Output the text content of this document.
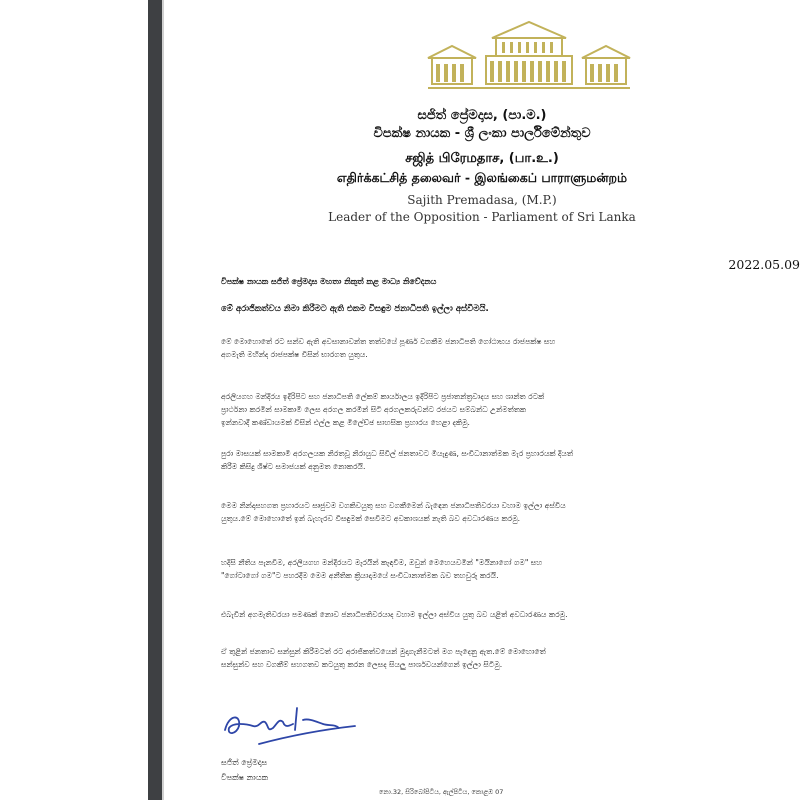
සජිත් ප්‍රේමදාස, (පා.ම.)
විපක්ෂ නායක - ශ්‍රී ලංකා පාර්ලිමේන්තුව
சஜித் பிரேமதாச, (பா.உ.)
எதிர்க்கட்சித் தலைவர் - இலங்கைப் பாராளுமன்றம்
Sajith Premadasa, (M.P.)
Leader of the Opposition - Parliament of Sri Lanka
2022.05.09
විපක්ෂ නායක සජිත් ප්‍රේමදාස මහතා නිකුත් කළ මාධ්‍ය නිවේදනය
මේ අරාජිකත්වය නිමා කිරීමට ඇති එකම විසඳුම ජනාධිපති ඉල්ලා අස්වීමයි.
මේ මොහොතේ රට සන්ව ඇති අවසානාවන්ත තත්වයේ පූර්ණ වගකීම ජනාධිපති ගෝඨාභය රාජපක්ෂ සහ
අගමැති මහින්ද රාජපක්ෂ විසින් භාරගත යුතුය.
අරලියගහ මන්දිරය ඉදිරිපිට සහ ජනාධිපති ලේකම් කාර්යාලය ඉදිරිපිට ප්‍රජාතන්ත්‍රවාදය සහ ශාන්ත රටක්
ප්‍රාර්ථනා කරමින් සාමකාමී ලෙස අරගල කරමින් සිටි අරගලකරුවන්ට රජයට සම්බන්ධ උන්මත්තක
ඉන්නවාදී කණ්ඩායමක් විසින් එල්ල කළ මිලේච්ඡ සාහසික ප්‍රහාරය හෙළා දකිමු.
පුරා මාසයක් සාමකාමී අරගලයක නිරතවූ නිරායුධ සිවිල් ජනතාවට මියැදුණ, සංවිධානාත්මක මැර ප්‍රහාරයක් දියත්
කිරීම කිසිදු ශිෂ්ට සමාජයක් අනුමත නොකරයි.
මෙම නින්දාසහගත ප්‍රහාරයට සෘජුවම වගකිවයුතු සහ වගකීමෙන් බැඳෙන ජනාධිපතිවරයා වහාම ඉල්ලා අස්විය
යුතුය.මේ මොහොතේ ඉන් බැහැරව විසඳුමක් සෙවීමට අවකාශයක් නැති බව අවධාරණය කරමු.
හදිසි නීතිය පැනවීම, අරලියගහ මන්දිරයට මැරයින් කැඳවීම, ඔවුන් මෙහෙයවමින් "මයිනාගෝ ගම" සහ
"ගෝටාගෝ ගම"ට පහරදීම මෙම අනීතික ක්‍රියාදාමයේ සංවිධානාත්මක බව තහවුරු කරයි.
එබැවින් අගමැතිවරයා පමණක් නොව ජනාධිපතිවරයාද වහාම ඉල්ලා අස්විය යුතු බව යළිත් අවධාරණය කරමු.
ඒ තුළින් ජනතාව සන්සුන් කිරීමටත් රට අරාජිකත්වයෙන් මුදාගැනීමටත් මග පැදෙනු ඇත.මේ මොහොතේ
සන්සුන්ව සහ වගකීම් සහගතව කටයුතු කරන ලෙසද සියලු පාර්ශවයන්ගෙන් ඉල්ලා සිටිමු.
සජිත් ප්‍රේමදාස
විපක්ෂ නායක
නො.32, සිරිබෝපිටිය, ඇල්පිටිය, කොළඹ 07
